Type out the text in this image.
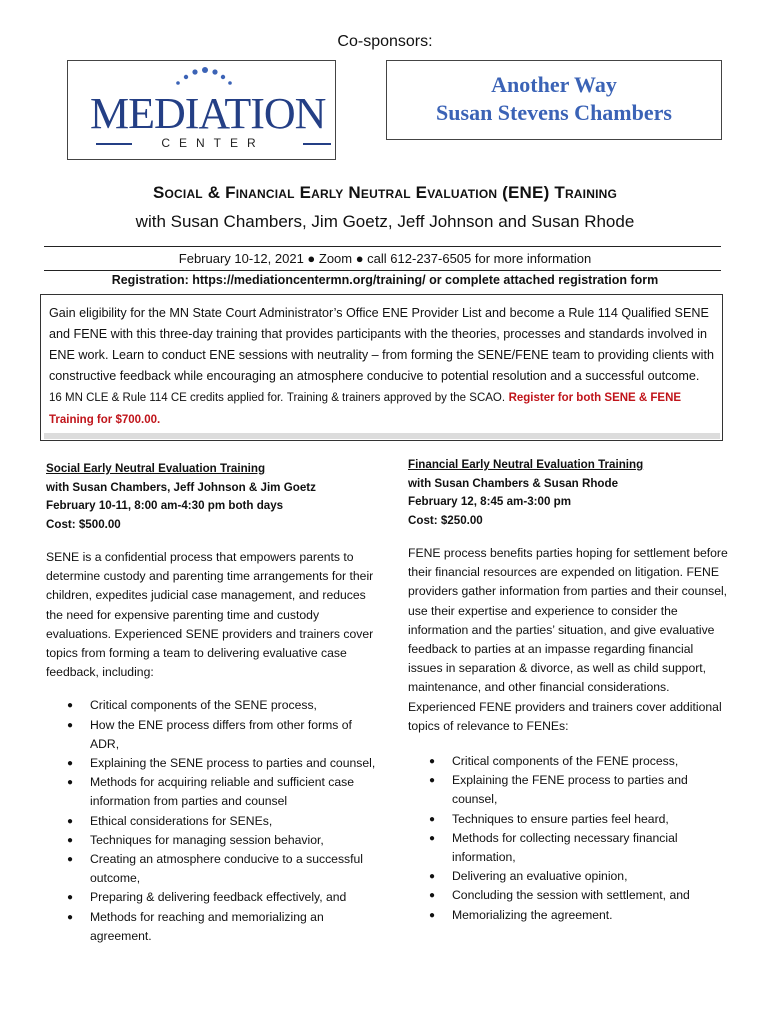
Co-sponsors:
MEDIATION
CENTER
Another Way
Susan Stevens Chambers
Social & Financial Early Neutral Evaluation (ENE) Training
with Susan Chambers, Jim Goetz, Jeff Johnson and Susan Rhode
February 10-12, 2021 ● Zoom ● call 612-237-6505 for more information
Registration: https://mediationcentermn.org/training/ or complete attached registration form
Gain eligibility for the MN State Court Administrator’s Office ENE Provider List and become a Rule 114 Qualified SENE and FENE with this three-day training that provides participants with the theories, processes and standards involved in ENE work. Learn to conduct ENE sessions with neutrality – from forming the SENE/FENE team to providing clients with constructive feedback while encouraging an atmosphere conducive to potential resolution and a successful outcome. 16 MN CLE & Rule 114 CE credits applied for. Training & trainers approved by the SCAO. Register for both SENE & FENE Training for $700.00.
Social Early Neutral Evaluation Training
with Susan Chambers, Jeff Johnson & Jim Goetz
February 10-11, 8:00 am-4:30 pm both days
Cost: $500.00
SENE is a confidential process that empowers parents to determine custody and parenting time arrangements for their children, expedites judicial case management, and reduces the need for expensive parenting time and custody evaluations. Experienced SENE providers and trainers cover topics from forming a team to delivering evaluative case feedback, including:
● Critical components of the SENE process,
● How the ENE process differs from other forms of ADR,
● Explaining the SENE process to parties and counsel,
● Methods for acquiring reliable and sufficient case information from parties and counsel
● Ethical considerations for SENEs,
● Techniques for managing session behavior,
● Creating an atmosphere conducive to a successful outcome,
● Preparing & delivering feedback effectively, and
● Methods for reaching and memorializing an agreement.
Financial Early Neutral Evaluation Training
with Susan Chambers & Susan Rhode
February 12, 8:45 am-3:00 pm
Cost: $250.00
FENE process benefits parties hoping for settlement before their financial resources are expended on litigation. FENE providers gather information from parties and their counsel, use their expertise and experience to consider the information and the parties’ situation, and give evaluative feedback to parties at an impasse regarding financial issues in separation & divorce, as well as child support, maintenance, and other financial considerations. Experienced FENE providers and trainers cover additional topics of relevance to FENEs:
● Critical components of the FENE process,
● Explaining the FENE process to parties and counsel,
● Techniques to ensure parties feel heard,
● Methods for collecting necessary financial information,
● Delivering an evaluative opinion,
● Concluding the session with settlement, and
● Memorializing the agreement.
